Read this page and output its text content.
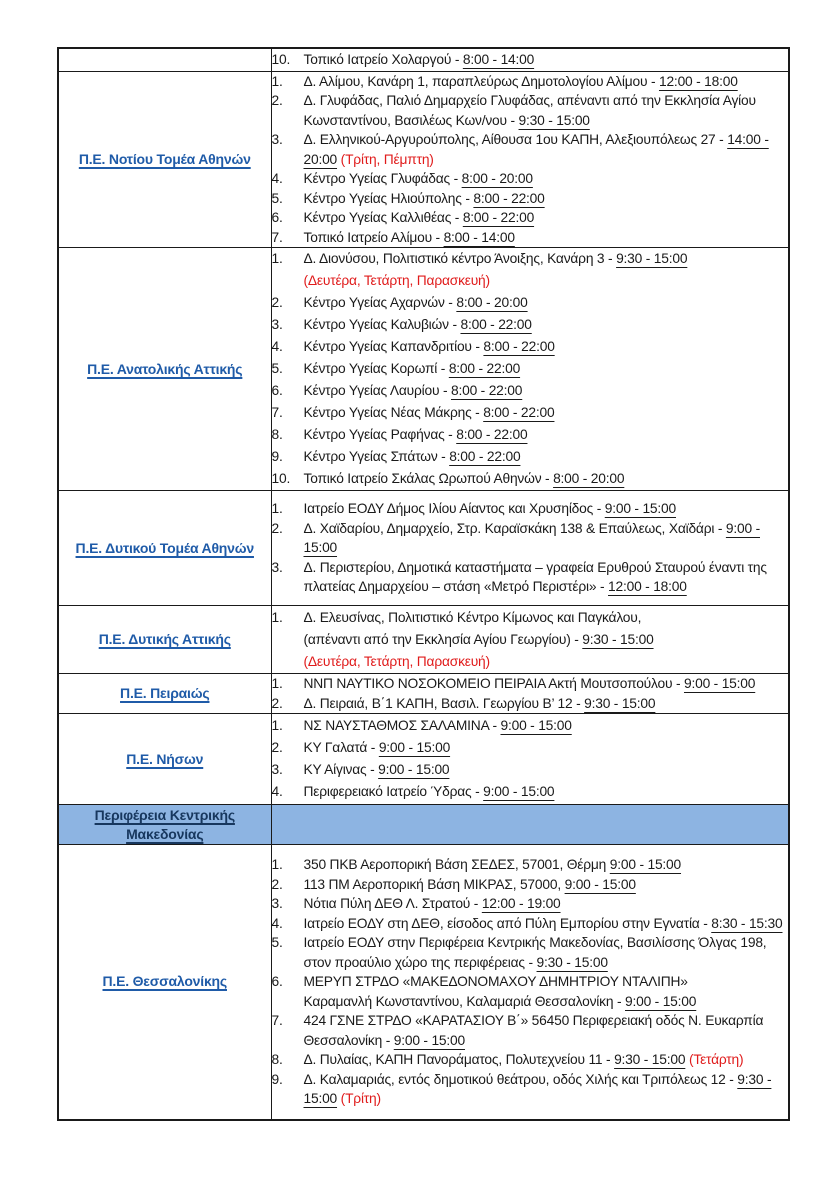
	10. Τοπικό Ιατρείο Χολαργού - 8:00 - 14:00

Π.Ε. Νοτίου Τομέα Αθηνών	
1.	Δ. Αλίμου, Κανάρη 1, παραπλεύρως Δημοτολογίου Αλίμου - 12:00 - 18:00
2.	Δ. Γλυφάδας, Παλιό Δημαρχείο Γλυφάδας, απέναντι από την Εκκλησία Αγίου Κωνσταντίνου, Βασιλέως Κων/νου - 9:30 - 15:00
3.	Δ. Ελληνικού-Αργυρούπολης, Αίθουσα 1ου ΚΑΠΗ, Αλεξιουπόλεως 27 - 14:00 - 20:00 (Τρίτη, Πέμπτη)
4.	Κέντρο Υγείας Γλυφάδας - 8:00 - 20:00
5.	Κέντρο Υγείας Ηλιούπολης - 8:00 - 22:00
6.	Κέντρο Υγείας Καλλιθέας - 8:00 - 22:00
7.	Τοπικό Ιατρείο Αλίμου - 8:00 - 14:00

Π.Ε. Ανατολικής Αττικής	
1.	Δ. Διονύσου, Πολιτιστικό κέντρο Άνοιξης, Κανάρη 3 - 9:30 - 15:00
(Δευτέρα, Τετάρτη, Παρασκευή)
2.	Κέντρο Υγείας Αχαρνών - 8:00 - 20:00
3.	Κέντρο Υγείας Καλυβιών - 8:00 - 22:00
4.	Κέντρο Υγείας Καπανδριτίου - 8:00 - 22:00
5.	Κέντρο Υγείας Κορωπί - 8:00 - 22:00
6.	Κέντρο Υγείας Λαυρίου - 8:00 - 22:00
7.	Κέντρο Υγείας Νέας Μάκρης - 8:00 - 22:00
8.	Κέντρο Υγείας Ραφήνας - 8:00 - 22:00
9.	Κέντρο Υγείας Σπάτων - 8:00 - 22:00
10. Τοπικό Ιατρείο Σκάλας Ωρωπού Αθηνών - 8:00 - 20:00

Π.Ε. Δυτικού Τομέα Αθηνών	
1.	Ιατρείο ΕΟΔΥ Δήμος Ιλίου Αίαντος και Χρυσηίδος - 9:00 - 15:00
2.	Δ. Χαϊδαρίου, Δημαρχείο, Στρ. Καραϊσκάκη 138 & Επαύλεως, Χαϊδάρι - 9:00 - 15:00
3.	Δ. Περιστερίου, Δημοτικά καταστήματα – γραφεία Ερυθρού Σταυρού έναντι της πλατείας Δημαρχείου – στάση «Μετρό Περιστέρι» - 12:00 - 18:00

Π.Ε. Δυτικής Αττικής	1. Δ. Ελευσίνας, Πολιτιστικό Κέντρο Κίμωνος και Παγκάλου,
(απέναντι από την Εκκλησία Αγίου Γεωργίου) - 9:30 - 15:00
(Δευτέρα, Τετάρτη, Παρασκευή)

Π.Ε. Πειραιώς	1. ΝΝΠ ΝΑΥΤΙΚΟ ΝΟΣΟΚΟΜΕΙΟ ΠΕΙΡΑΙΑ Ακτή Μουτσοπούλου - 9:00 - 15:00
2. Δ. Πειραιά, Β΄1 ΚΑΠΗ, Βασιλ. Γεωργίου Β’ 12 - 9:30 - 15:00

Π.Ε. Νήσων	
1.	ΝΣ ΝΑΥΣΤΑΘΜΟΣ ΣΑΛΑΜΙΝΑ - 9:00 - 15:00
2.	ΚΥ Γαλατά - 9:00 - 15:00
3.	ΚΥ Αίγινας - 9:00 - 15:00
4.	Περιφερειακό Ιατρείο Ύδρας - 9:00 - 15:00

Περιφέρεια Κεντρικής Μακεδονίας	
Π.Ε. Θεσσαλονίκης	
1.	350 ΠΚΒ Αεροπορική Βάση ΣΕΔΕΣ, 57001, Θέρμη 9:00 - 15:00
2.	113 ΠΜ Αεροπορική Βάση ΜΙΚΡΑΣ, 57000, 9:00 - 15:00
3.	Νότια Πύλη ΔΕΘ Λ. Στρατού - 12:00 - 19:00
4.	Ιατρείο ΕΟΔΥ στη ΔΕΘ, είσοδος από Πύλη Εμπορίου στην Εγνατία - 8:30 - 15:30
5.	Ιατρείο ΕΟΔΥ στην Περιφέρεια Κεντρικής Μακεδονίας, Βασιλίσσης Όλγας 198, στον προαύλιο χώρο της περιφέρειας - 9:30 - 15:00
6.	ΜΕΡΥΠ ΣΤΡΔΟ «ΜΑΚΕΔΟΝΟΜΑΧΟΥ ΔΗΜΗΤΡΙΟΥ ΝΤΑΛΙΠΗ»
Καραμανλή Κωνσταντίνου, Καλαμαριά Θεσσαλονίκη - 9:00 - 15:00
7.	424 ΓΣΝΕ ΣΤΡΔΟ «ΚΑΡΑΤΑΣΙΟΥ Β΄» 56450 Περιφερειακή οδός Ν. Ευκαρπία Θεσσαλονίκη - 9:00 - 15:00
8.	Δ. Πυλαίας, ΚΑΠΗ Πανοράματος, Πολυτεχνείου 11 - 9:30 - 15:00 (Τετάρτη)
9.	Δ. Καλαμαριάς, εντός δημοτικού θεάτρου, οδός Χιλής και Τριπόλεως 12 - 9:30 - 15:00 (Τρίτη)
